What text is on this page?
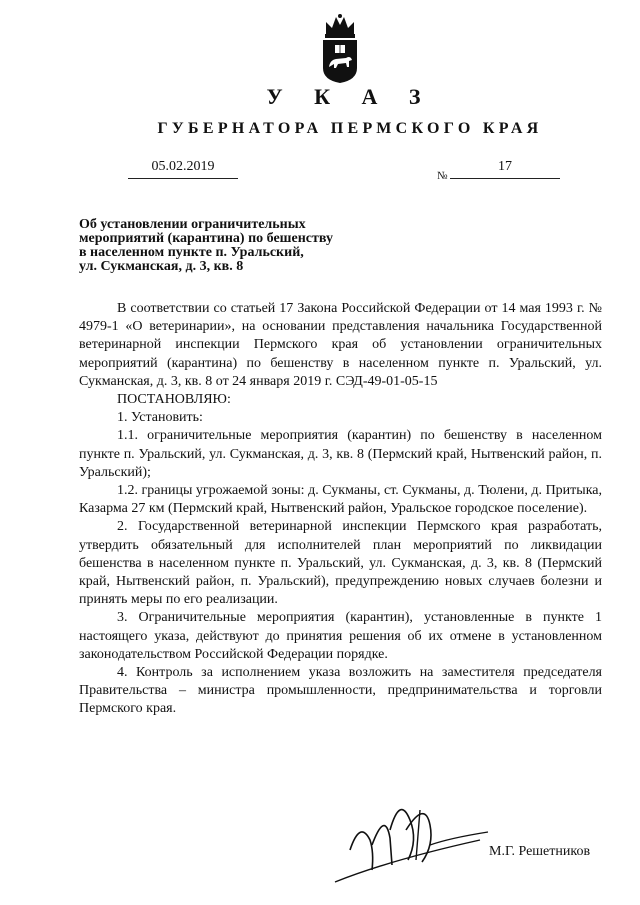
У К А З
ГУБЕРНАТОРА ПЕРМСКОГО КРАЯ
05.02.2019
№
17
Об установлении ограничительных
мероприятий (карантина) по бешенству
в населенном пункте п. Уральский,
ул. Сукманская, д. 3, кв. 8

В соответствии со статьей 17 Закона Российской Федерации от 14 мая 1993 г. № 4979-1 «О ветеринарии», на основании представления начальника Государственной ветеринарной инспекции Пермского края об установлении ограничительных мероприятий (карантина) по бешенству в населенном пункте п. Уральский, ул. Сукманская, д. 3, кв. 8 от 24 января 2019 г. СЭД-49-01-05-15

ПОСТАНОВЛЯЮ:

1. Установить:

1.1. ограничительные мероприятия (карантин) по бешенству в населенном пункте п. Уральский, ул. Сукманская, д. 3, кв. 8 (Пермский край, Нытвенский район, п. Уральский);

1.2. границы угрожаемой зоны: д. Сукманы, ст. Сукманы, д. Тюлени, д. Притыка, Казарма 27 км (Пермский край, Нытвенский район, Уральское городское поселение).

2. Государственной ветеринарной инспекции Пермского края разработать, утвердить обязательный для исполнителей план мероприятий по ликвидации бешенства в населенном пункте п. Уральский, ул. Сукманская, д. 3, кв. 8 (Пермский край, Нытвенский район, п. Уральский), предупреждению новых случаев болезни и принять меры по его реализации.

3. Ограничительные мероприятия (карантин), установленные в пункте 1 настоящего указа, действуют до принятия решения об их отмене в установленном законодательством Российской Федерации порядке.

4. Контроль за исполнением указа возложить на заместителя председателя Правительства – министра промышленности, предпринимательства и торговли Пермского края.

М.Г. Решетников
